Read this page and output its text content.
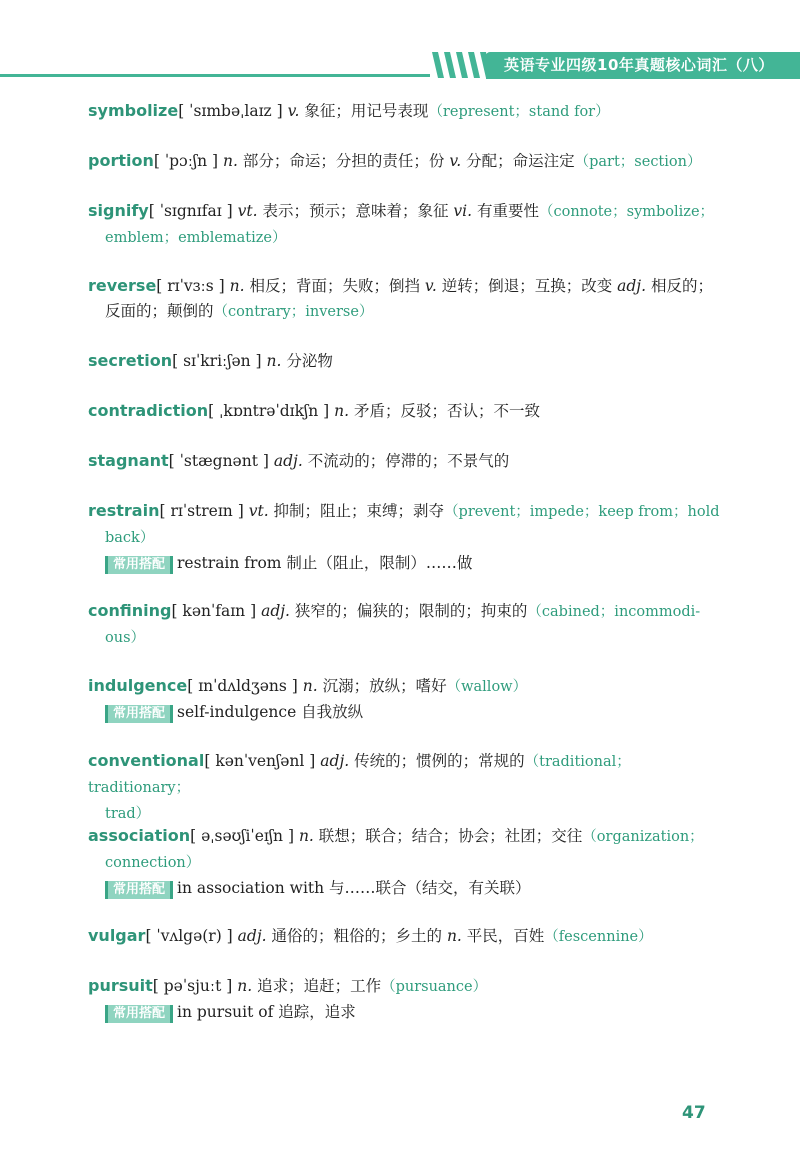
英语专业四级10年真题核心词汇（八）
symbolize[ ˈsɪmbəˌlaɪz ] v. 象征；用记号表现（represent；stand for）
portion[ ˈpɔːʃn ] n. 部分；命运；分担的责任；份 v. 分配；命运注定（part；section）
signify[ ˈsɪgnɪfaɪ ] vt. 表示；预示；意味着；象征 vi. 有重要性（connote；symbolize；
emblem；emblematize）
reverse[ rɪˈvɜːs ] n. 相反；背面；失败；倒挡 v. 逆转；倒退；互换；改变 adj. 相反的；
反面的；颠倒的（contrary；inverse）
secretion[ sɪˈkriːʃən ] n. 分泌物
contradiction[ ˌkɒntrəˈdɪkʃn ] n. 矛盾；反驳；否认；不一致
stagnant[ ˈstægnənt ] adj. 不流动的；停滞的；不景气的
restrain[ rɪˈstreɪn ] vt. 抑制；阻止；束缚；剥夺（prevent；impede；keep from；hold
back）
常用搭配 restrain from 制止（阻止，限制）……做
confining[ kənˈfaɪn ] adj. 狭窄的；偏狭的；限制的；拘束的（cabined；incommodi-
ous）
indulgence[ ɪnˈdʌldʒəns ] n. 沉溺；放纵；嗜好（wallow）
常用搭配 self-indulgence 自我放纵
conventional[ kənˈvenʃənl ] adj. 传统的；惯例的；常规的（traditional；traditionary；
trad）
association[ əˌsəʊʃiˈeɪʃn ] n. 联想；联合；结合；协会；社团；交往（organization；
connection）
常用搭配 in association with 与……联合（结交，有关联）
vulgar[ ˈvʌlgə(r) ] adj. 通俗的；粗俗的；乡土的 n. 平民，百姓（fescennine）
pursuit[ pəˈsjuːt ] n. 追求；追赶；工作（pursuance）
常用搭配 in pursuit of 追踪，追求
47
